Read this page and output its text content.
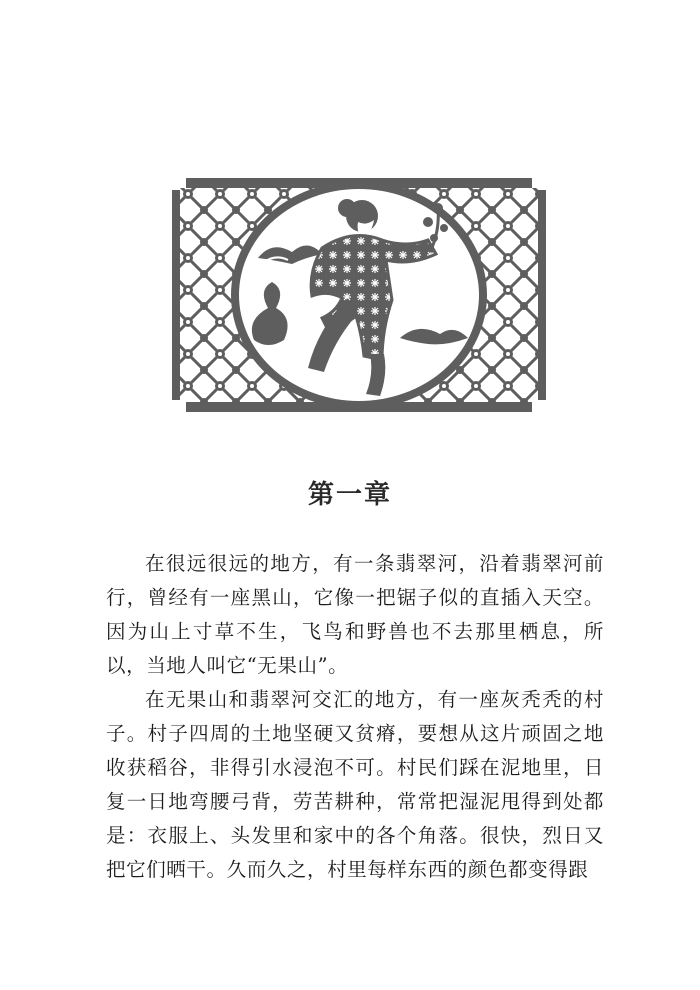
第一章

在很远很远的地方，有一条翡翠河，沿着翡翠河前行，曾经有一座黑山，它像一把锯子似的直插入天空。因为山上寸草不生，飞鸟和野兽也不去那里栖息，所以，当地人叫它“无果山”。

在无果山和翡翠河交汇的地方，有一座灰秃秃的村子。村子四周的土地坚硬又贫瘠，要想从这片顽固之地收获稻谷，非得引水浸泡不可。村民们踩在泥地里，日复一日地弯腰弓背，劳苦耕种，常常把湿泥甩得到处都是：衣服上、头发里和家中的各个角落。很快，烈日又把它们晒干。久而久之，村里每样东西的颜色都变得跟
